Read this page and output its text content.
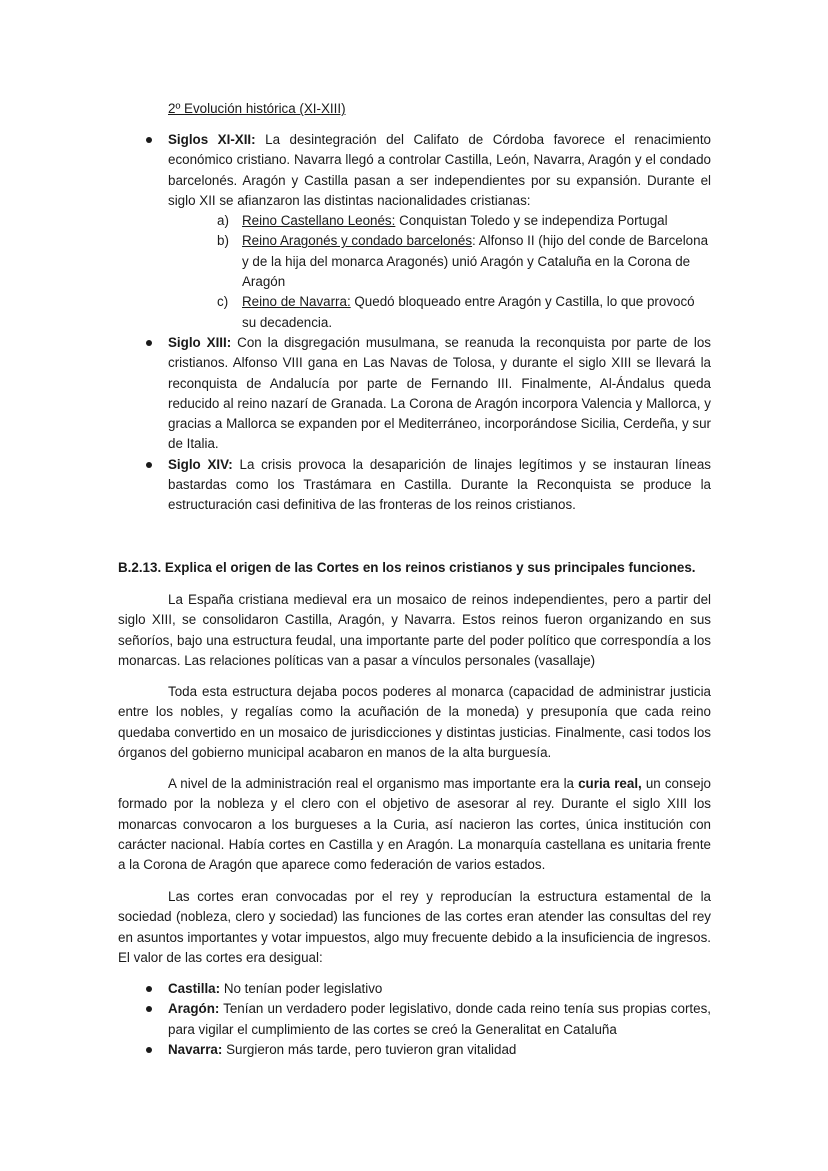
2º Evolución histórica (XI-XIII)
Siglos XI-XII: La desintegración del Califato de Córdoba favorece el renacimiento económico cristiano. Navarra llegó a controlar Castilla, León, Navarra, Aragón y el condado barcelonés. Aragón y Castilla pasan a ser independientes por su expansión. Durante el siglo XII se afianzaron las distintas nacionalidades cristianas:
a) Reino Castellano Leonés: Conquistan Toledo y se independiza Portugal
b) Reino Aragonés y condado barcelonés: Alfonso II (hijo del conde de Barcelona y de la hija del monarca Aragonés) unió Aragón y Cataluña en la Corona de Aragón
c) Reino de Navarra: Quedó bloqueado entre Aragón y Castilla, lo que provocó su decadencia.
Siglo XIII: Con la disgregación musulmana, se reanuda la reconquista por parte de los cristianos. Alfonso VIII gana en Las Navas de Tolosa, y durante el siglo XIII se llevará la reconquista de Andalucía por parte de Fernando III. Finalmente, Al-Ándalus queda reducido al reino nazarí de Granada. La Corona de Aragón incorpora Valencia y Mallorca, y gracias a Mallorca se expanden por el Mediterráneo, incorporándose Sicilia, Cerdeña, y sur de Italia.
Siglo XIV: La crisis provoca la desaparición de linajes legítimos y se instauran líneas bastardas como los Trastámara en Castilla. Durante la Reconquista se produce la estructuración casi definitiva de las fronteras de los reinos cristianos.
B.2.13. Explica el origen de las Cortes en los reinos cristianos y sus principales funciones.

La España cristiana medieval era un mosaico de reinos independientes, pero a partir del siglo XIII, se consolidaron Castilla, Aragón, y Navarra. Estos reinos fueron organizando en sus señoríos, bajo una estructura feudal, una importante parte del poder político que correspondía a los monarcas. Las relaciones políticas van a pasar a vínculos personales (vasallaje)

Toda esta estructura dejaba pocos poderes al monarca (capacidad de administrar justicia entre los nobles, y regalías como la acuñación de la moneda) y presuponía que cada reino quedaba convertido en un mosaico de jurisdicciones y distintas justicias. Finalmente, casi todos los órganos del gobierno municipal acabaron en manos de la alta burguesía.

A nivel de la administración real el organismo mas importante era la curia real, un consejo formado por la nobleza y el clero con el objetivo de asesorar al rey. Durante el siglo XIII los monarcas convocaron a los burgueses a la Curia, así nacieron las cortes, única institución con carácter nacional. Había cortes en Castilla y en Aragón. La monarquía castellana es unitaria frente a la Corona de Aragón que aparece como federación de varios estados.

Las cortes eran convocadas por el rey y reproducían la estructura estamental de la sociedad (nobleza, clero y sociedad) las funciones de las cortes eran atender las consultas del rey en asuntos importantes y votar impuestos, algo muy frecuente debido a la insuficiencia de ingresos. El valor de las cortes era desigual:

Castilla: No tenían poder legislativo
Aragón: Tenían un verdadero poder legislativo, donde cada reino tenía sus propias cortes, para vigilar el cumplimiento de las cortes se creó la Generalitat en Cataluña
Navarra: Surgieron más tarde, pero tuvieron gran vitalidad
